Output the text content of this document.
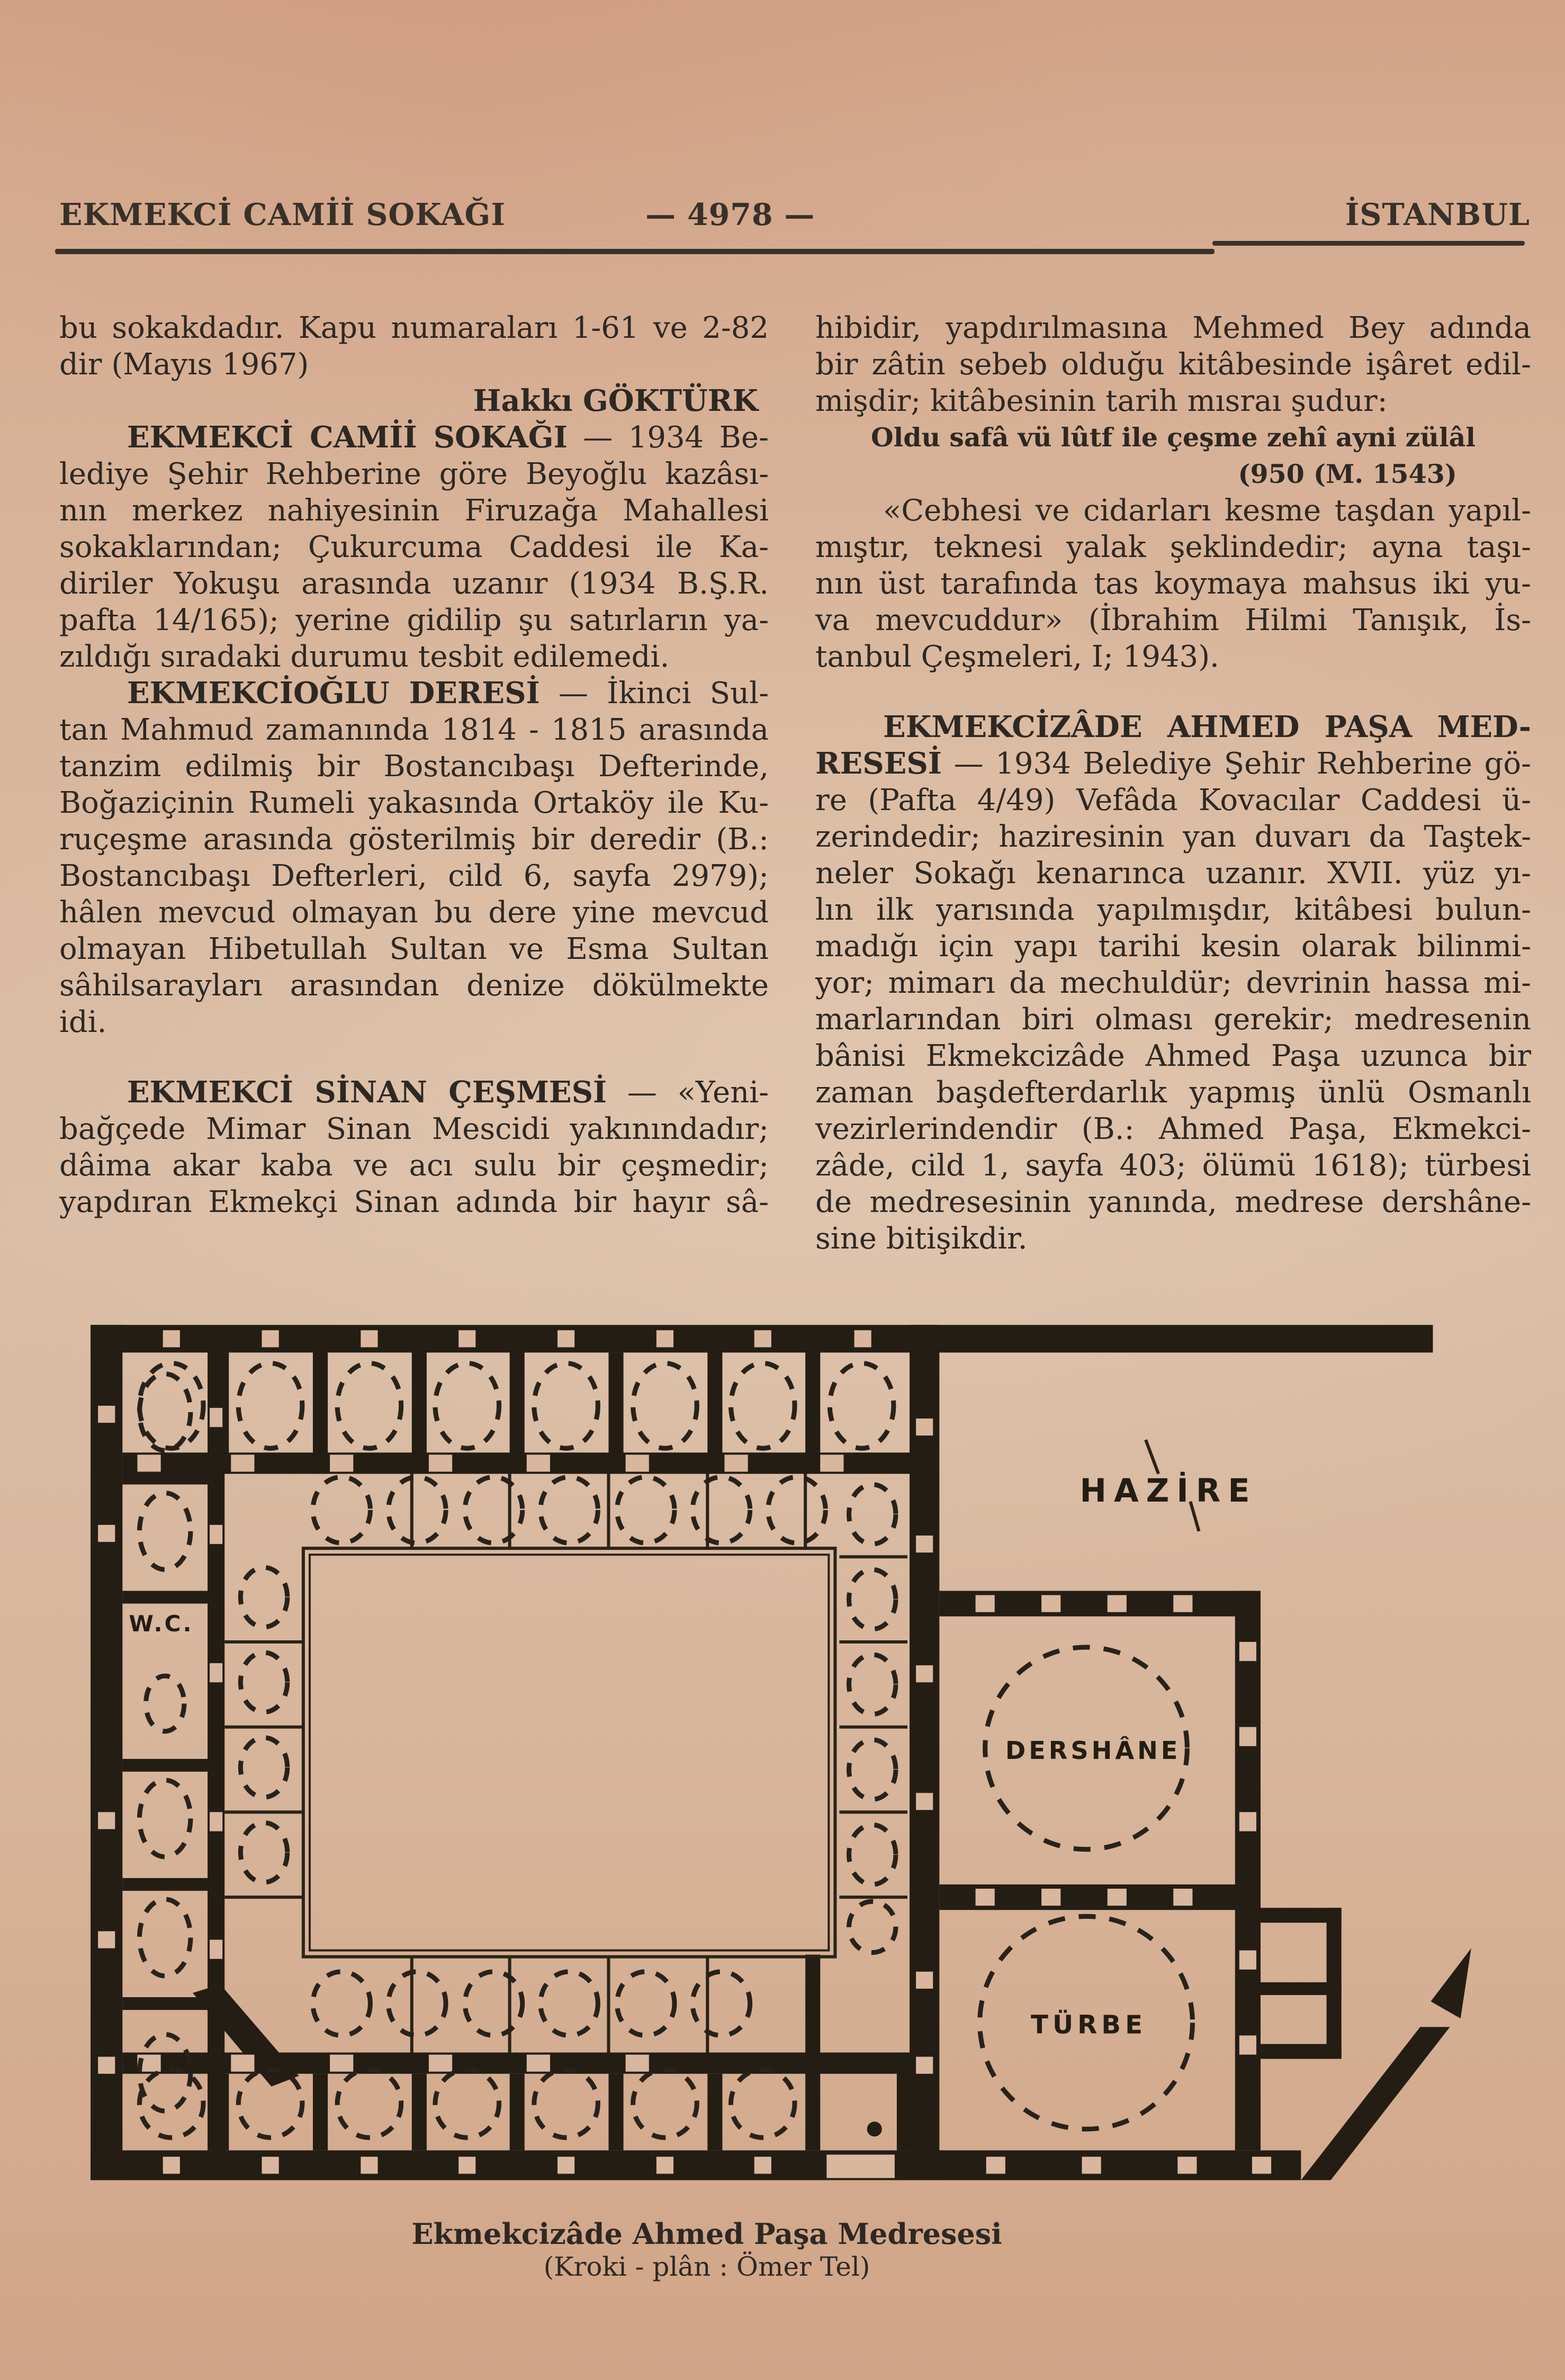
EKMEKCİ CAMİİ SOKAĞI	— 4978 —	İSTANBUL
bu sokakdadır. Kapu numaraları 1-61 ve 2-82
dir (Mayıs 1967)
Hakkı GÖKTÜRK
EKMEKCİ CAMİİ SOKAĞI — 1934 Be-
lediye Şehir Rehberine göre Beyoğlu kazâsı-
nın merkez nahiyesinin Firuzağa Mahallesi
sokaklarından; Çukurcuma Caddesi ile Ka-
diriler Yokuşu arasında uzanır (1934 B.Ş.R.
pafta 14/165); yerine gidilip şu satırların ya-
zıldığı sıradaki durumu tesbit edilemedi.
EKMEKCİOĞLU DERESİ — İkinci Sul-
tan Mahmud zamanında 1814 - 1815 arasında
tanzim edilmiş bir Bostancıbaşı Defterinde,
Boğaziçinin Rumeli yakasında Ortaköy ile Ku-
ruçeşme arasında gösterilmiş bir deredir (B.:
Bostancıbaşı Defterleri, cild 6, sayfa 2979);
hâlen mevcud olmayan bu dere yine mevcud
olmayan Hibetullah Sultan ve Esma Sultan
sâhilsarayları arasından denize dökülmekte
idi.
EKMEKCİ SİNAN ÇEŞMESİ — «Yeni-
bağçede Mimar Sinan Mescidi yakınındadır;
dâima akar kaba ve acı sulu bir çeşmedir;
yapdıran Ekmekçi Sinan adında bir hayır sâ-
hibidir, yapdırılmasına Mehmed Bey adında
bir zâtin sebeb olduğu kitâbesinde işâret edil-
mişdir; kitâbesinin tarih mısraı şudur:
Oldu safâ vü lûtf ile çeşme zehî ayni zülâl
(950 (M. 1543)
«Cebhesi ve cidarları kesme taşdan yapıl-
mıştır, teknesi yalak şeklindedir; ayna taşı-
nın üst tarafında tas koymaya mahsus iki yu-
va mevcuddur» (İbrahim Hilmi Tanışık, İs-
tanbul Çeşmeleri, I; 1943).
EKMEKCİZÂDE AHMED PAŞA MED-
RESESİ — 1934 Belediye Şehir Rehberine gö-
re (Pafta 4/49) Vefâda Kovacılar Caddesi ü-
zerindedir; haziresinin yan duvarı da Taştek-
neler Sokağı kenarınca uzanır. XVII. yüz yı-
lın ilk yarısında yapılmışdır, kitâbesi bulun-
madığı için yapı tarihi kesin olarak bilinmi-
yor; mimarı da mechuldür; devrinin hassa mi-
marlarından biri olması gerekir; medresenin
bânisi Ekmekcizâde Ahmed Paşa uzunca bir
zaman başdefterdarlık yapmış ünlü Osmanlı
vezirlerindendir (B.: Ahmed Paşa, Ekmekci-
zâde, cild 1, sayfa 403; ölümü 1618); türbesi
de medresesinin yanında, medrese dershâne-
sine bitişikdir.
HAZİRE
DERSHÂNE
TÜRBE
W.C.
Ekmekcizâde Ahmed Paşa Medresesi
(Kroki - plân : Ömer Tel)
